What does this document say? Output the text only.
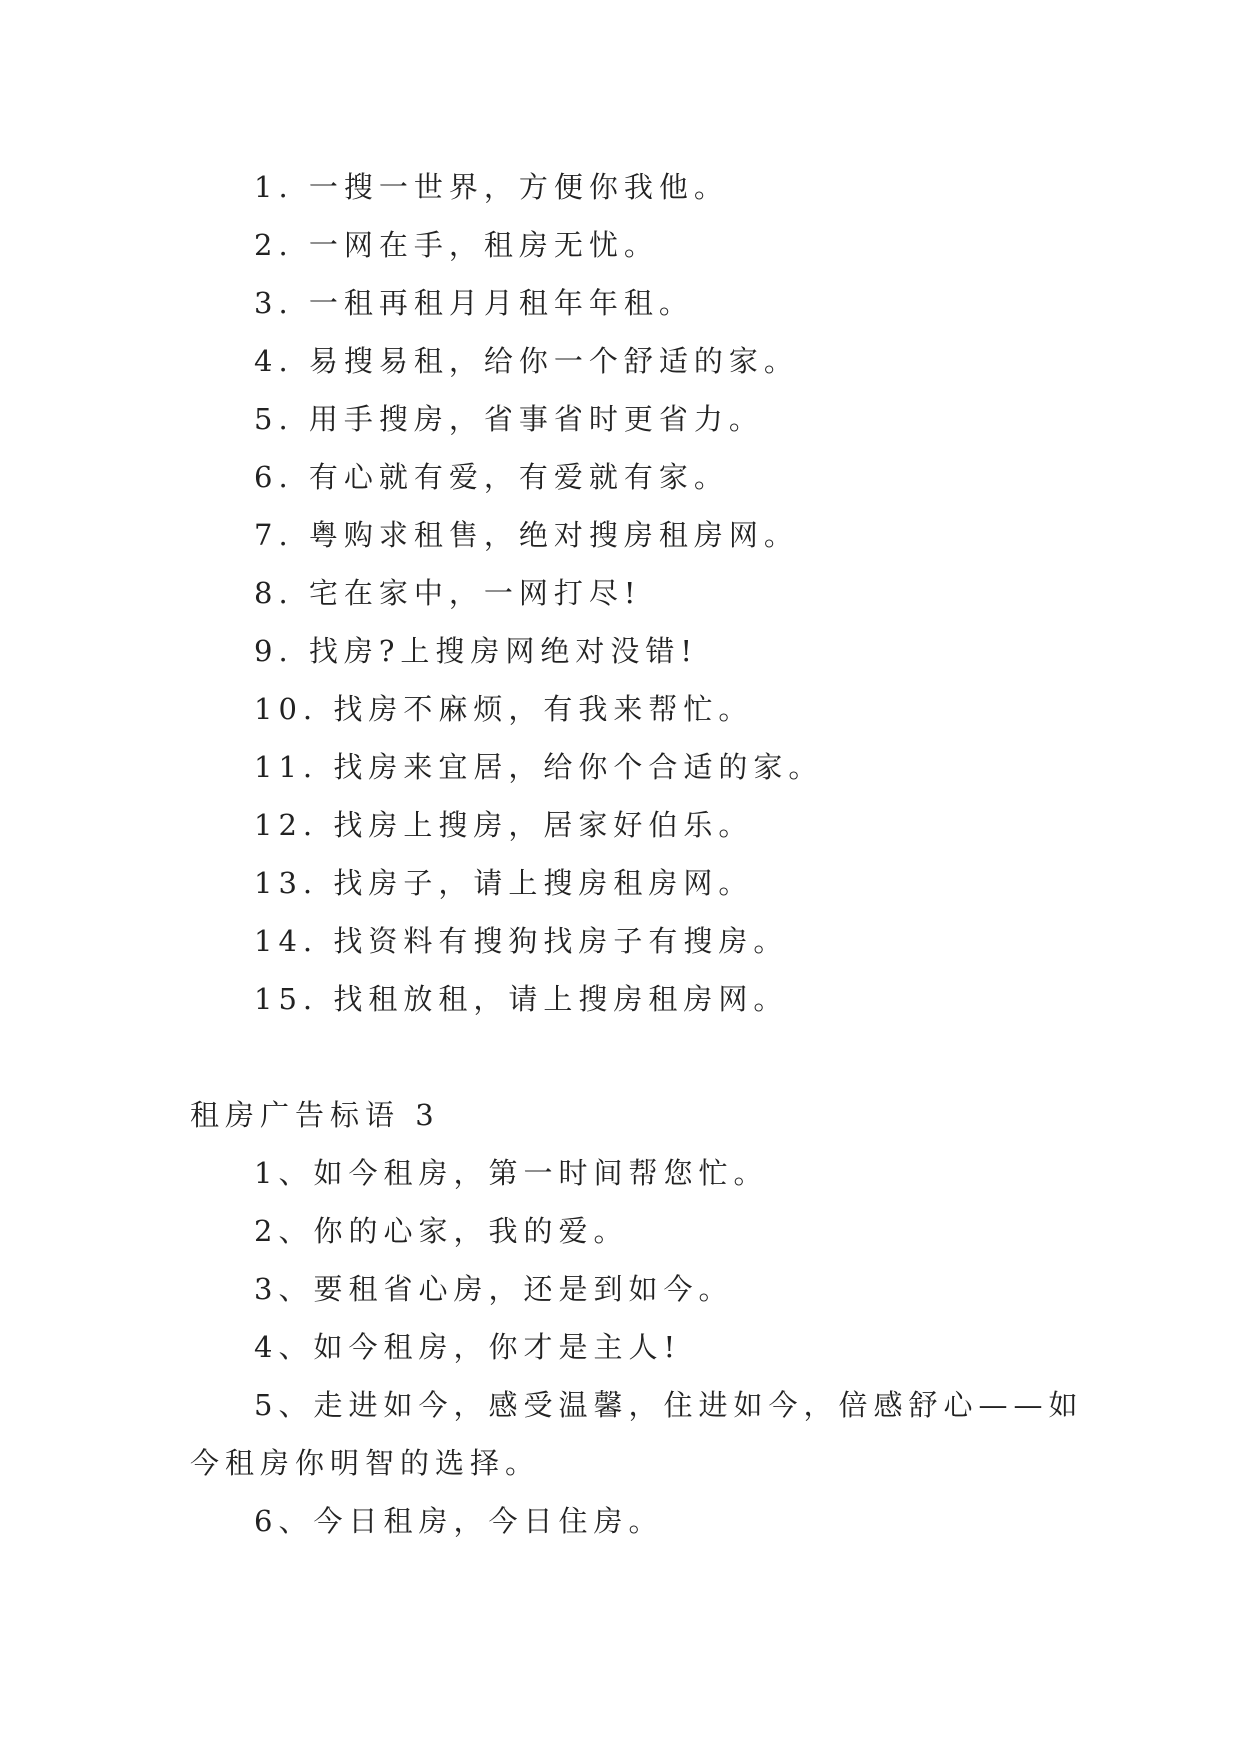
1. 一搜一世界，方便你我他。
2. 一网在手，租房无忧。
3. 一租再租月月租年年租。
4. 易搜易租，给你一个舒适的家。
5. 用手搜房，省事省时更省力。
6. 有心就有爱，有爱就有家。
7. 粤购求租售，绝对搜房租房网。
8. 宅在家中，一网打尽!
9. 找房?上搜房网绝对没错!
10. 找房不麻烦，有我来帮忙。
11. 找房来宜居，给你个合适的家。
12. 找房上搜房，居家好伯乐。
13. 找房子，请上搜房租房网。
14. 找资料有搜狗找房子有搜房。
15. 找租放租，请上搜房租房网。
租房广告标语 3
1、如今租房，第一时间帮您忙。
2、你的心家，我的爱。
3、要租省心房，还是到如今。
4、如今租房，你才是主人!
5、走进如今，感受温馨，住进如今，倍感舒心——如
今租房你明智的选择。
6、今日租房，今日住房。
